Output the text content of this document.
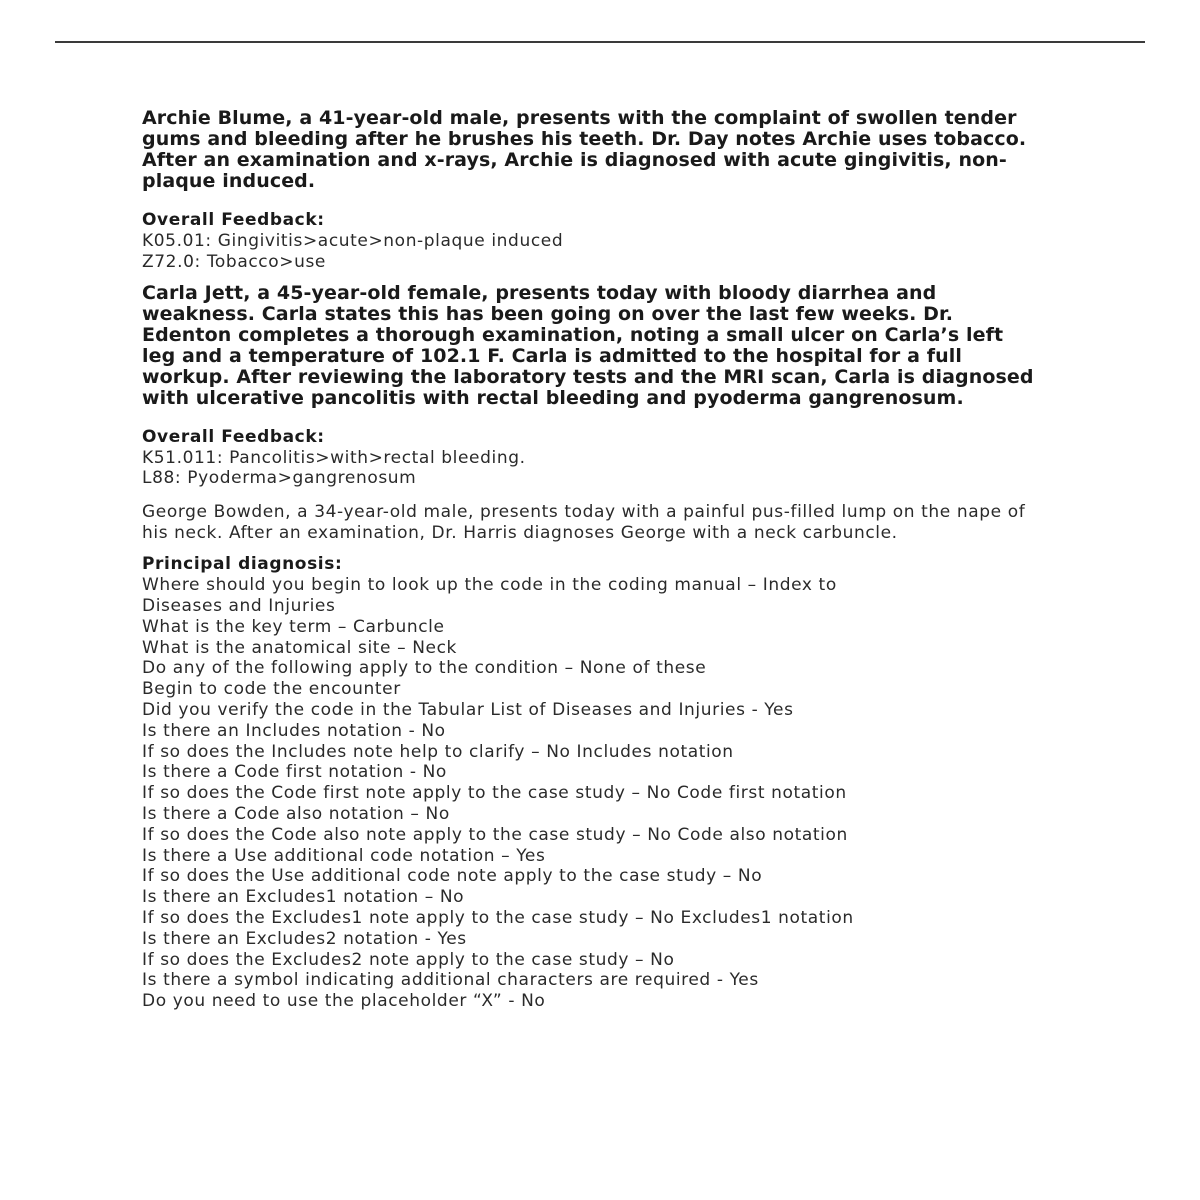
Archie Blume, a 41-year-old male, presents with the complaint of swollen tender gums and bleeding after he brushes his teeth. Dr. Day notes Archie uses tobacco. After an examination and x-rays, Archie is diagnosed with acute gingivitis, non-plaque induced.

Overall Feedback:

K05.01: Gingivitis>acute>non-plaque induced

Z72.0: Tobacco>use

Carla Jett, a 45-year-old female, presents today with bloody diarrhea and weakness. Carla states this has been going on over the last few weeks. Dr. Edenton completes a thorough examination, noting a small ulcer on Carla’s left leg and a temperature of 102.1 F. Carla is admitted to the hospital for a full workup. After reviewing the laboratory tests and the MRI scan, Carla is diagnosed with ulcerative pancolitis with rectal bleeding and pyoderma gangrenosum.

Overall Feedback:

K51.011: Pancolitis>with>rectal bleeding.

L88: Pyoderma>gangrenosum

George Bowden, a 34-year-old male, presents today with a painful pus-filled lump on the nape of his neck. After an examination, Dr. Harris diagnoses George with a neck carbuncle.

Principal diagnosis:

Where should you begin to look up the code in the coding manual – Index to

Diseases and Injuries

What is the key term – Carbuncle

What is the anatomical site – Neck

Do any of the following apply to the condition – None of these

Begin to code the encounter

Did you verify the code in the Tabular List of Diseases and Injuries - Yes

Is there an Includes notation - No

If so does the Includes note help to clarify – No Includes notation

Is there a Code first notation - No

If so does the Code first note apply to the case study – No Code first notation

Is there a Code also notation – No

If so does the Code also note apply to the case study – No Code also notation

Is there a Use additional code notation – Yes

If so does the Use additional code note apply to the case study – No

Is there an Excludes1 notation – No

If so does the Excludes1 note apply to the case study – No Excludes1 notation

Is there an Excludes2 notation - Yes

If so does the Excludes2 note apply to the case study – No

Is there a symbol indicating additional characters are required - Yes

Do you need to use the placeholder “X” - No
